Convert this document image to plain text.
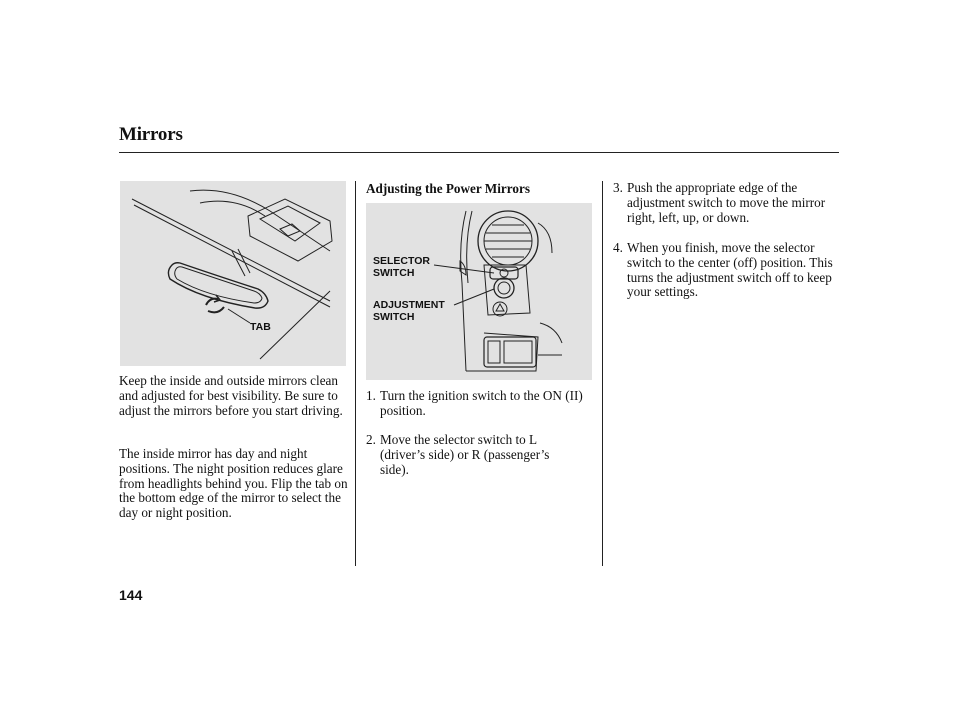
Mirrors
TAB

Keep the inside and outside mirrors clean and adjusted for best visibility. Be sure to adjust the mirrors before you start driving.

The inside mirror has day and night positions. The night position reduces glare from headlights behind you. Flip the tab on the bottom edge of the mirror to select the day or night position.

144
Adjusting the Power Mirrors
SELECTOR
SWITCH
ADJUSTMENT
SWITCH
1. Turn the ignition switch to the ON (II) position.
2. Move the selector switch to L (driver’s side) or R (passenger’s side).
3. Push the appropriate edge of the adjustment switch to move the mirror right, left, up, or down.
4. When you finish, move the selector switch to the center (off) position. This turns the adjustment switch off to keep your settings.
